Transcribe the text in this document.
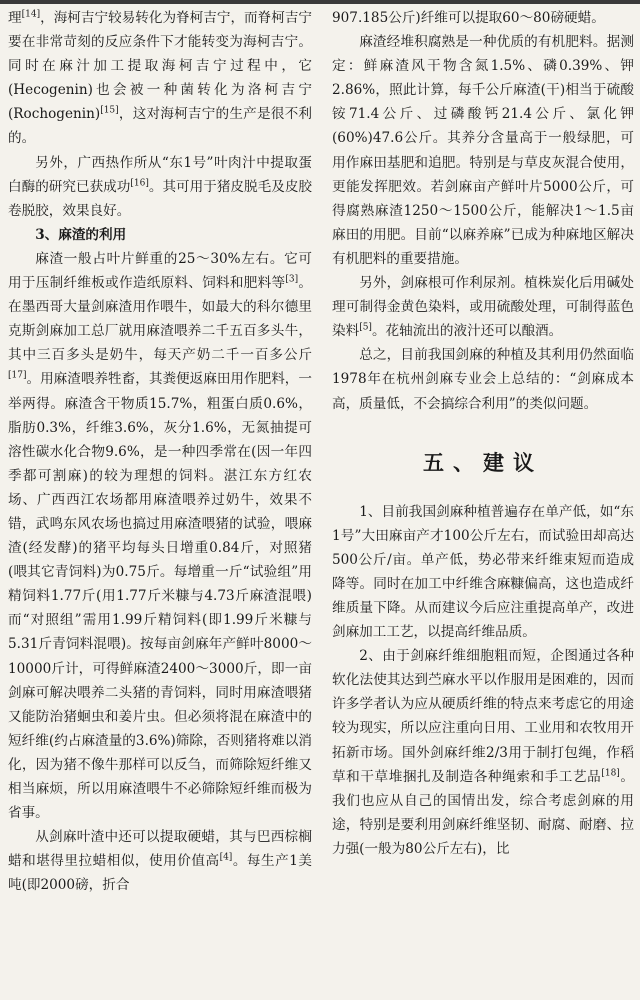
理[14]，海柯吉宁较易转化为脊柯吉宁，而脊柯吉宁要在非常苛刻的反应条件下才能转变为海柯吉宁。同时在麻汁加工提取海柯吉宁过程中，它(Hecogenin)也会被一种菌转化为洛柯吉宁(Rochogenin)[15]，这对海柯吉宁的生产是很不利的。

另外，广西热作所从“东1号”叶肉汁中提取蛋白酶的研究已获成功[16]。其可用于猪皮脱毛及皮胶卷脱胶，效果良好。

3、麻渣的利用

麻渣一般占叶片鲜重的25～30%左右。它可用于压制纤维板或作造纸原料、饲料和肥料等[3]。在墨西哥大量剑麻渣用作喂牛，如最大的科尔德里克斯剑麻加工总厂就用麻渣喂养二千五百多头牛，其中三百多头是奶牛，每天产奶二千一百多公斤[17]。用麻渣喂养牲畜，其粪便返麻田用作肥料，一举两得。麻渣含干物质15.7%，粗蛋白质0.6%，脂肪0.3%，纤维3.6%，灰分1.6%，无氮抽提可溶性碳水化合物9.6%，是一种四季常在(因一年四季都可割麻)的较为理想的饲料。湛江东方红农场、广西西江农场都用麻渣喂养过奶牛，效果不错，武鸣东风农场也搞过用麻渣喂猪的试验，喂麻渣(经发酵)的猪平均每头日增重0.84斤，对照猪(喂其它青饲料)为0.75斤。每增重一斤“试验组”用精饲料1.77斤(用1.77斤米糠与4.73斤麻渣混喂)而“对照组”需用1.99斤精饲料(即1.99斤米糠与5.31斤青饲料混喂)。按每亩剑麻年产鲜叶8000～10000斤计，可得鲜麻渣2400～3000斤，即一亩剑麻可解决喂养二头猪的青饲料，同时用麻渣喂猪又能防治猪蛔虫和姜片虫。但必须将混在麻渣中的短纤维(约占麻渣量的3.6%)筛除，否则猪将难以消化，因为猪不像牛那样可以反刍，而筛除短纤维又相当麻烦，所以用麻渣喂牛不必筛除短纤维而极为省事。

从剑麻叶渣中还可以提取硬蜡，其与巴西棕榈蜡和堪得里拉蜡相似，使用价值高[4]。每生产1美吨(即2000磅，折合

907.185公斤)纤维可以提取60～80磅硬蜡。

麻渣经堆积腐熟是一种优质的有机肥料。据测定：鲜麻渣风干物含氮1.5%、磷0.39%、钾2.86%，照此计算，每千公斤麻渣(干)相当于硫酸铵71.4公斤、过磷酸钙21.4公斤、氯化钾(60%)47.6公斤。其养分含量高于一般绿肥，可用作麻田基肥和追肥。特别是与草皮灰混合使用，更能发挥肥效。若剑麻亩产鲜叶片5000公斤，可得腐熟麻渣1250～1500公斤，能解决1～1.5亩麻田的用肥。目前“以麻养麻”已成为种麻地区解决有机肥料的重要措施。

另外，剑麻根可作利尿剂。植株炭化后用碱处理可制得金黄色染料，或用硫酸处理，可制得蓝色染料[5]。花轴流出的液汁还可以酿酒。

总之，目前我国剑麻的种植及其利用仍然面临1978年在杭州剑麻专业会上总结的：“剑麻成本高，质量低，不会搞综合利用”的类似问题。

五、建议

1、目前我国剑麻种植普遍存在单产低，如“东1号”大田麻亩产才100公斤左右，而试验田却高达500公斤/亩。单产低，势必带来纤维束短而造成降等。同时在加工中纤维含麻糠偏高，这也造成纤维质量下降。从而建议今后应注重提高单产，改进剑麻加工工艺，以提高纤维品质。

2、由于剑麻纤维细胞粗而短，企图通过各种软化法使其达到苎麻水平以作服用是困难的，因而许多学者认为应从硬质纤维的特点来考虑它的用途较为现实，所以应注重向日用、工业用和农牧用开拓新市场。国外剑麻纤维2/3用于制打包绳，作稻草和干草堆捆扎及制造各种绳索和手工艺品[18]。我们也应从自己的国情出发，综合考虑剑麻的用途，特别是要利用剑麻纤维坚韧、耐腐、耐磨、拉力强(一般为80公斤左右)，比
